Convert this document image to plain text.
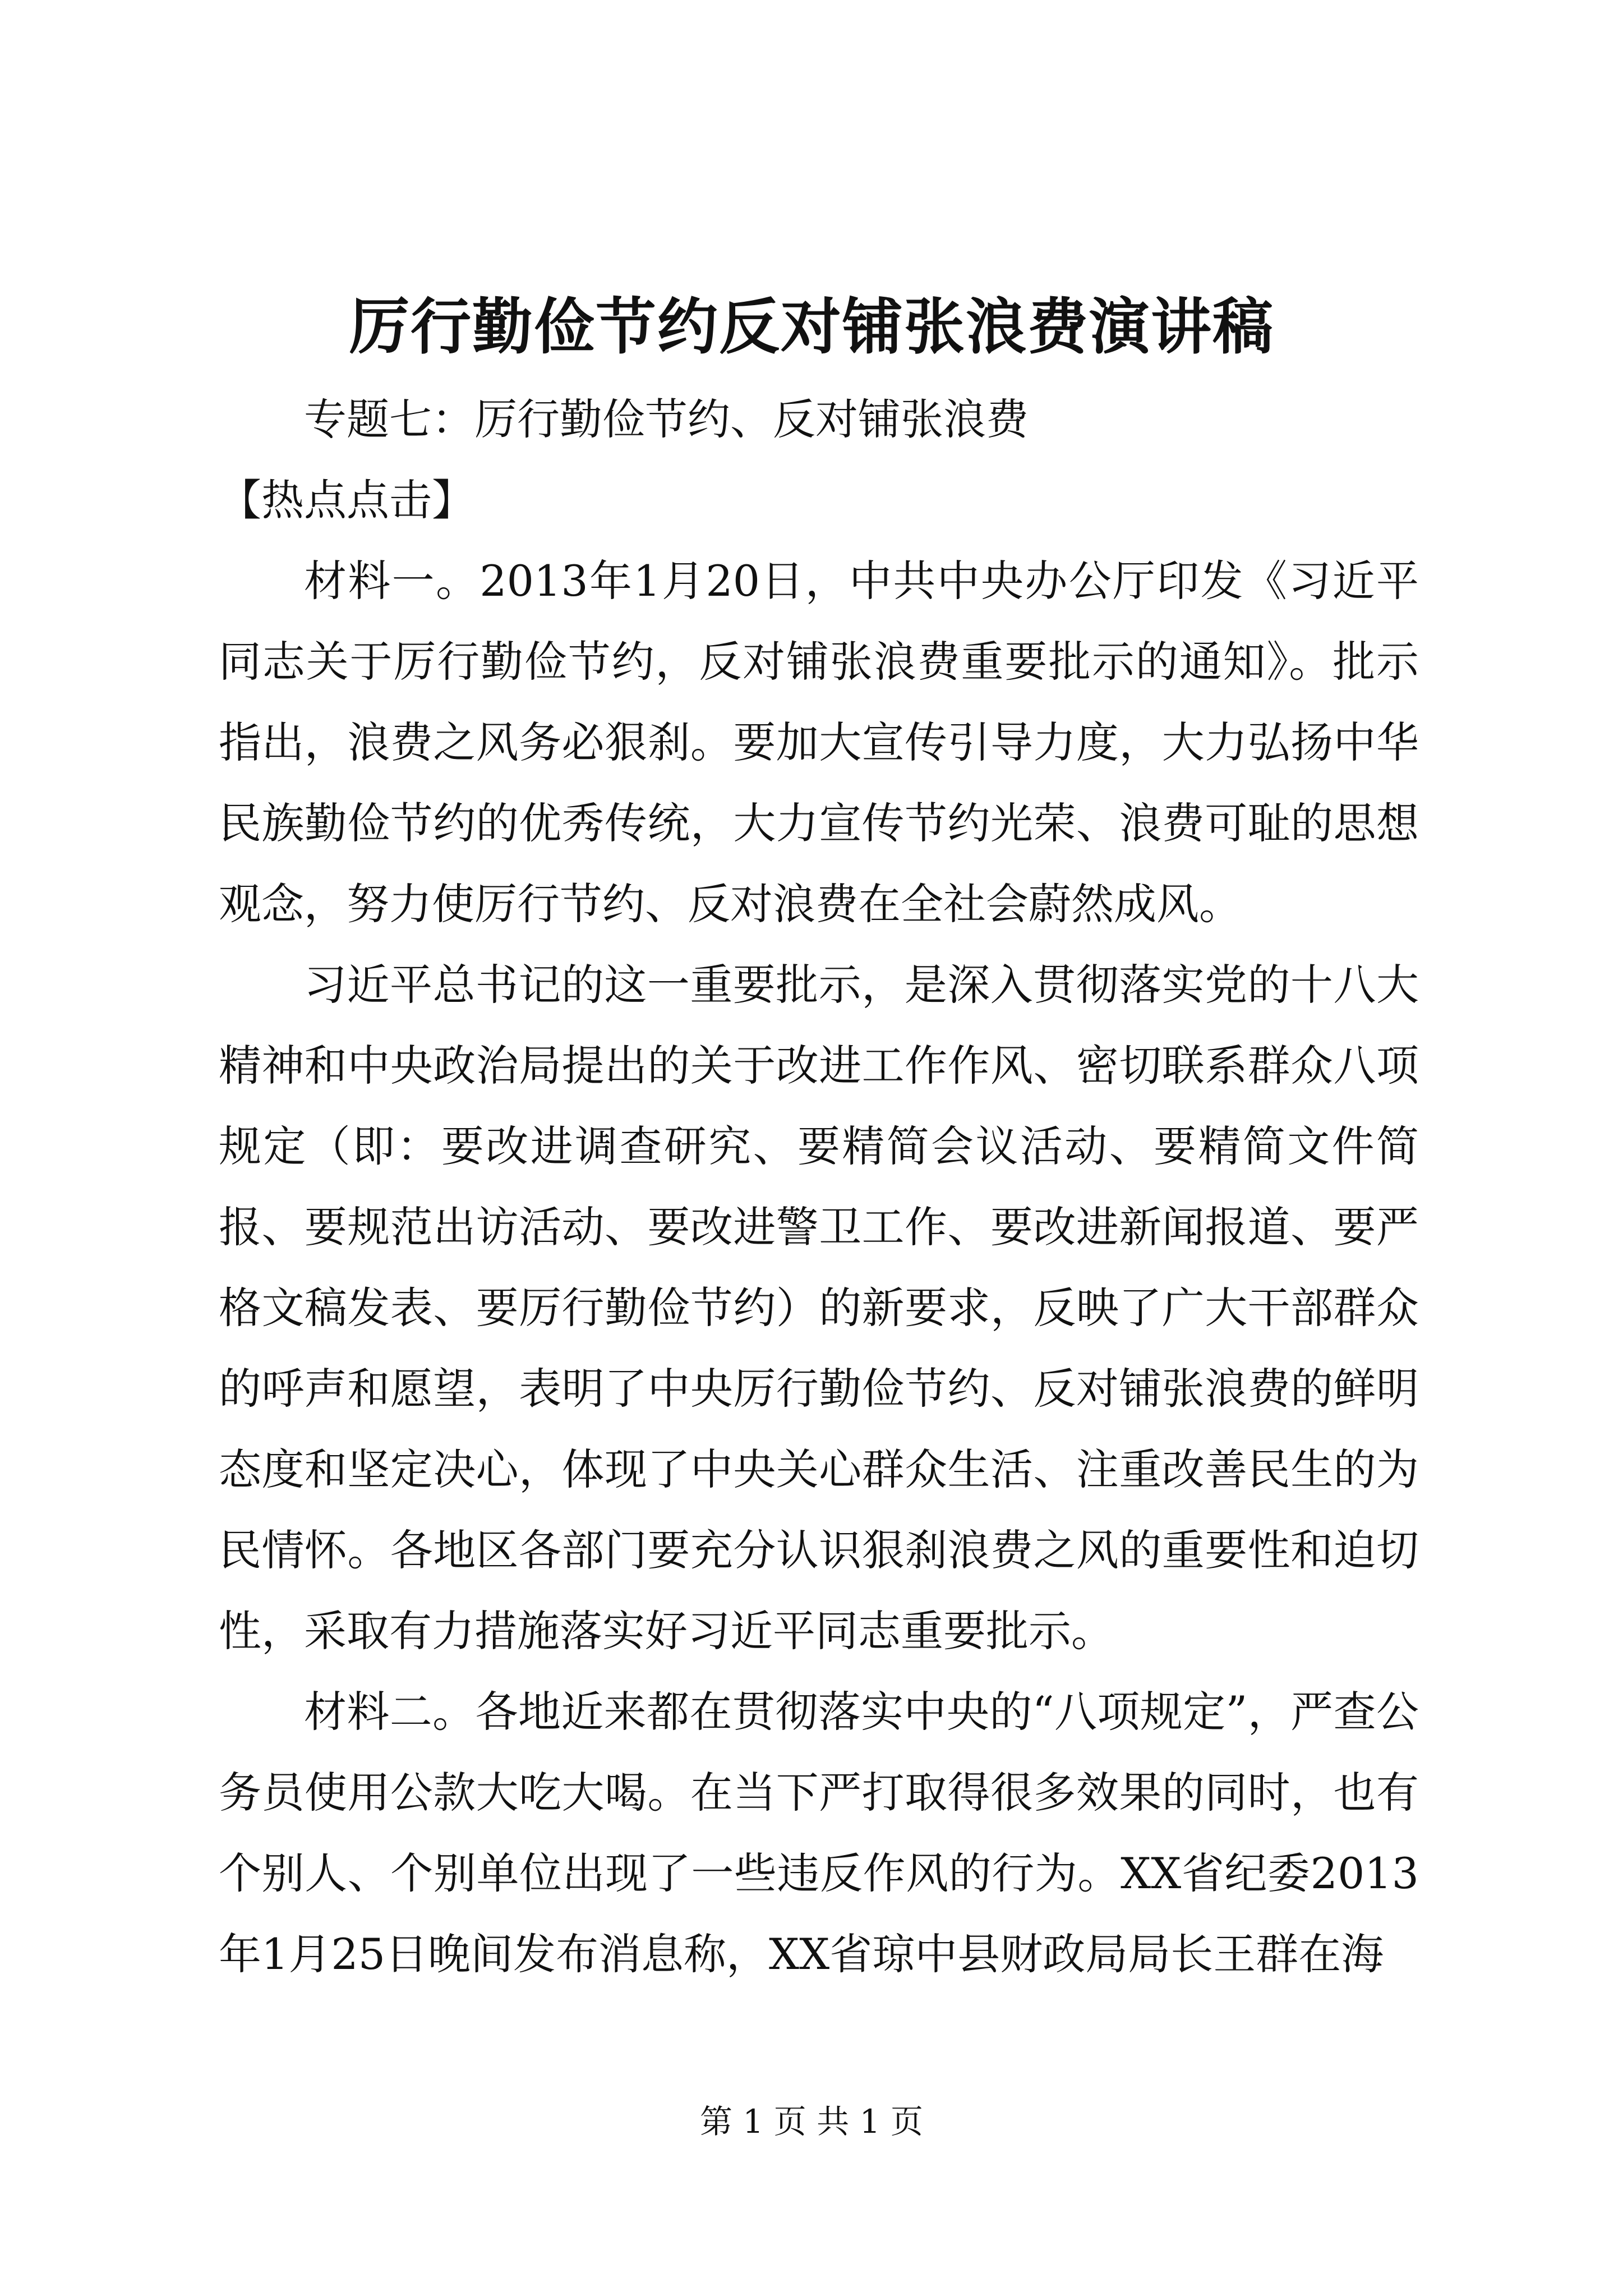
厉行勤俭节约反对铺张浪费演讲稿

专题七：厉行勤俭节约、反对铺张浪费

【热点点击】

材料一。2013年1月20日，中共中央办公厅印发《习近平同志关于厉行勤俭节约，反对铺张浪费重要批示的通知》。批示指出，浪费之风务必狠刹。要加大宣传引导力度，大力弘扬中华民族勤俭节约的优秀传统，大力宣传节约光荣、浪费可耻的思想观念，努力使厉行节约、反对浪费在全社会蔚然成风。

习近平总书记的这一重要批示，是深入贯彻落实党的十八大精神和中央政治局提出的关于改进工作作风、密切联系群众八项规定（即：要改进调查研究、要精简会议活动、要精简文件简报、要规范出访活动、要改进警卫工作、要改进新闻报道、要严格文稿发表、要厉行勤俭节约）的新要求，反映了广大干部群众的呼声和愿望，表明了中央厉行勤俭节约、反对铺张浪费的鲜明态度和坚定决心，体现了中央关心群众生活、注重改善民生的为民情怀。各地区各部门要充分认识狠刹浪费之风的重要性和迫切性，采取有力措施落实好习近平同志重要批示。

材料二。各地近来都在贯彻落实中央的“八项规定”，严查公务员使用公款大吃大喝。在当下严打取得很多效果的同时，也有个别人、个别单位出现了一些违反作风的行为。XX省纪委2013年1月25日晚间发布消息称，XX省琼中县财政局局长王群在海

第 1 页 共 1 页
